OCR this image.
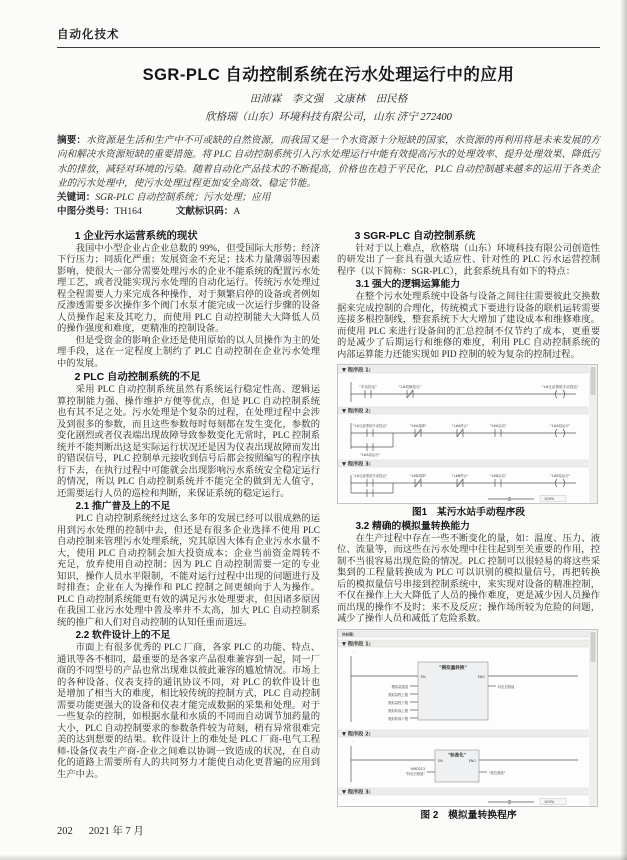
自动化技术
SGR-PLC 自动控制系统在污水处理运行中的应用
田沛霖　李文强　文康林　田民格
欣格瑞（山东）环境科技有限公司，山东 济宁 272400

摘要：水资源是生活和生产中不可或缺的自然资源，而我国又是一个水资源十分短缺的国家，水资源的再利用将是未来发展的方向和解决水资源短缺的重要措施。将 PLC 自动控制系统引入污水处理运行中能有效提高污水的处理效率、提升处理效果、降低污水的排放，减轻对环境的污染。随着自动化产品技术的不断提高，价格也在趋于平民化，PLC 自动控制越来越多的运用于各类企业的污水处理中，使污水处理过程更加安全高效、稳定节能。

关键词：SGR-PLC 自动控制系统；污水处理；应用

中图分类号：TH164	文献标识码：A

1 企业污水运营系统的现状

我国中小型企业占企业总数的 99%，但受国际大形势；经济下行压力；同质化严重；发展资金不充足；技术力量薄弱等因素影响，使很大一部分需要处理污水的企业不能系统的配置污水处理工艺，或者没能实现污水处理的自动化运行。传统污水处理过程全程需要人力来完成各种操作，对于频繁启停的设备或者例如反渗透需要多次操作多个阀门水泵才能完成一次运行步骤的设备人员操作起来及其吃力，而使用 PLC 自动控制能大大降低人员的操作强度和难度，更精准的控制设备。

但是受资金的影响企业还是使用原始的以人员操作为主的处理手段，这在一定程度上制约了 PLC 自动控制在企业污水处理中的发展。

2 PLC 自动控制系统的不足

采用 PLC 自动控制系统虽然有系统运行稳定性高、逻辑运算控制能力强、操作维护方便等优点，但是 PLC 自动控制系统也有其不足之处。污水处理是个复杂的过程，在处理过程中会涉及到很多的参数，而且这些参数每时每刻都在发生变化，参数的变化剧烈或者仪表端出现故障导致参数变化无常时，PLC 控制系统并不能判断出这是实际运行状况还是因为仪表出现故障而发出的错误信号，PLC 控制单元接收到信号后都会按照编写的程序执行下去，在执行过程中可能就会出现影响污水系统安全稳定运行的情况，所以 PLC 自动控制系统并不能完全的做到无人值守，还需要运行人员的巡检和判断，来保证系统的稳定运行。

2.1 推广普及上的不足

PLC 自动控制系统经过这么多年的发展已经可以很成熟的运用到污水处理的控制中去，但还是有很多企业选择不使用 PLC 自动控制来管理污水处理系统，究其原因大体有企业污水水量不大，使用 PLC 自动控制会加大投资成本；企业当前资金周转不充足，放弃使用自动控制；因为 PLC 自动控制需要一定的专业知识，操作人员水平限制，不能对运行过程中出现的问题进行及时排查；企业在人为操作和 PLC 控制之间更倾向于人为操作。PLC 自动控制系统能更有效的满足污水处理要求，但因诸多原因在我国工业污水处理中普及率并不太高，加大 PLC 自动控制系统的推广和人们对自动控制的认知任重而道远。

2.2 软件设计上的不足

市面上有很多优秀的 PLC 厂商，各家 PLC 的功能、特点、通讯等各不相同，最重要的是各家产品很难兼容到一起，同一厂商的不同型号的产品也常出现难以彼此兼容的尴尬情况。市场上的各种设备、仪表支持的通讯协议不同，对 PLC 的软件设计也是增加了相当大的难度，相比较传统的控制方式，PLC 自动控制需要功能更强大的设备和仪表才能完成数据的采集和处理。对于一些复杂的控制，如根据水量和水质的不同而自动调节加药量的大小，PLC 自动控制要求的参数条件较为苛刻，稍有异常很难完美的达到想要的结果。软件设计上的难处是 PLC 厂商-电气工程师-设备仪表生产商-企业之间难以协调一致造成的状况，在自动化的道路上需要所有人的共同努力才能使自动化更普遍的应用到生产中去。

3 SGR-PLC 自动控制系统

针对于以上难点，欣格瑞（山东）环境科技有限公司创造性的研发出了一套具有强大适应性、针对性的 PLC 污水运营控制程序（以下简称：SGR-PLC），此套系统具有如下的特点：

3.1 强大的逻辑运算能力

在整个污水处理系统中设备与设备之间往往需要彼此交换数据来完成控制的合理化，传统模式下要进行设备的联机运转需要连接多根控制线，整套系统下大大增加了建设成本和维修难度。而使用 PLC 来进行设备间的汇总控制不仅节约了成本，更重要的是减少了后期运行和维修的难度，利用 PLC 自动控制系统的内部运算能力还能实现如 PID 控制的较为复杂的控制过程。

▼ 程序段 1:
..
"手动投运"	"1#故障复位"	"1#过滤系统手动投运"
▼ 程序段 2:
..
"1#过滤系统手动投运"	"1#A故障"	"1#A停止"	"1#A启动"	"1#A泵运行"
"1#A泵运行"
▼ 程序段 3:
..
"1#过滤系统手动投运"	"1#B故障"	"1#B停止"	"1#B启动"	"1#B泵运行"
100%
图1　某污水站手动程序段
3.2 精确的模拟量转换能力

在生产过程中存在一些不断变化的量，如：温度、压力、液位、流量等，而这些在污水处理中往往起到至关重要的作用，控制不当很容易出现危险的情况。PLC 控制可以很轻易的将这些采集到的工程量转换成为 PLC 可以识别的模拟量信号，再把转换后的模拟量信号串接到控制系统中，来实现对设备的精准控制，不仅在操作上大大降低了人员的操作难度，更是减少因人员操作而出现的操作不及时；来不及反应；操作场所较为危险的问题，减少了操作人员和减低了危险系数。

块标题:
▼ 程序段 1:
..
"模拟量转换"
EN	ENO
模拟量通道
模拟量程上限
模拟量程下限
模拟转换上限
模拟转换下限
转化后数值
▼ 程序段 2:
..
"标准化"
EN	ENO
%MD213
"转化后数值"	"液位数值"
▼ 程序段 3:
..
100%
图 2　模拟量转换程序
202 2021 年 7 月
